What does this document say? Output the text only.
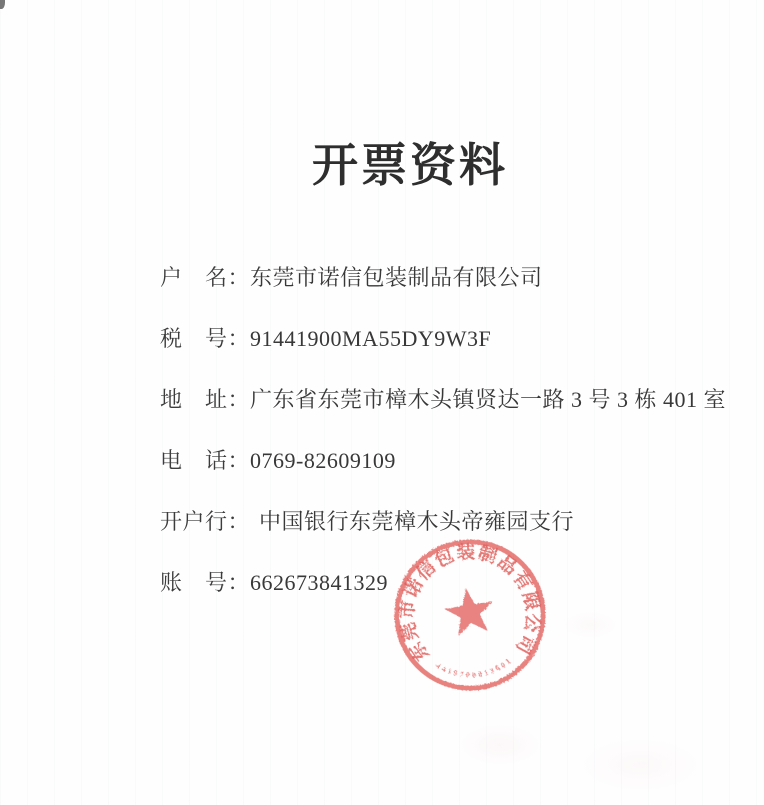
开票资料
户　名：东莞市诺信包装制品有限公司
税　号：91441900MA55DY9W3F
地　址：广东省东莞市樟木头镇贤达一路 3 号 3 栋 401 室
电　话：0769-82609109
开户行： 中国银行东莞樟木头帝雍园支行
账　号：662673841329
东莞市诺信包装制品有限公司
4419700013601
